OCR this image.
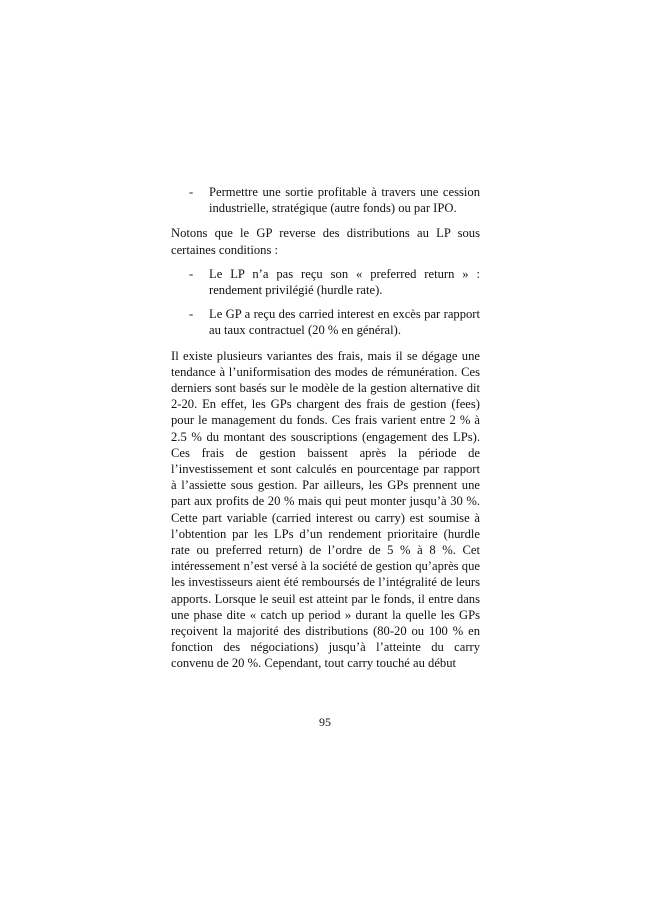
-	Permettre une sortie profitable à travers une cession industrielle, stratégique (autre fonds) ou par IPO.

Notons que le GP reverse des distributions au LP sous certaines conditions :

-	Le LP n’a pas reçu son « preferred return » : rendement privilégié (hurdle rate).
-	Le GP a reçu des carried interest en excès par rapport au taux contractuel (20 % en général).

Il existe plusieurs variantes des frais, mais il se dégage une tendance à l’uniformisation des modes de rémunération. Ces derniers sont basés sur le modèle de la gestion alternative dit 2-20. En effet, les GPs chargent des frais de gestion (fees) pour le management du fonds. Ces frais varient entre 2 % à 2.5 % du montant des souscriptions (engagement des LPs). Ces frais de gestion baissent après la période de l’investissement et sont calculés en pourcentage par rapport à l’assiette sous gestion. Par ailleurs, les GPs prennent une part aux profits de 20 % mais qui peut monter jusqu’à 30 %. Cette part variable (carried interest ou carry) est soumise à l’obtention par les LPs d’un rendement prioritaire (hurdle rate ou preferred return) de l’ordre de 5 % à 8 %. Cet intéressement n’est versé à la société de gestion qu’après que les investisseurs aient été remboursés de l’intégralité de leurs apports. Lorsque le seuil est atteint par le fonds, il entre dans une phase dite « catch up period » durant la quelle les GPs reçoivent la majorité des distributions (80-20 ou 100 % en fonction des négociations) jusqu’à l’atteinte du carry convenu de 20 %. Cependant, tout carry touché au début

95
